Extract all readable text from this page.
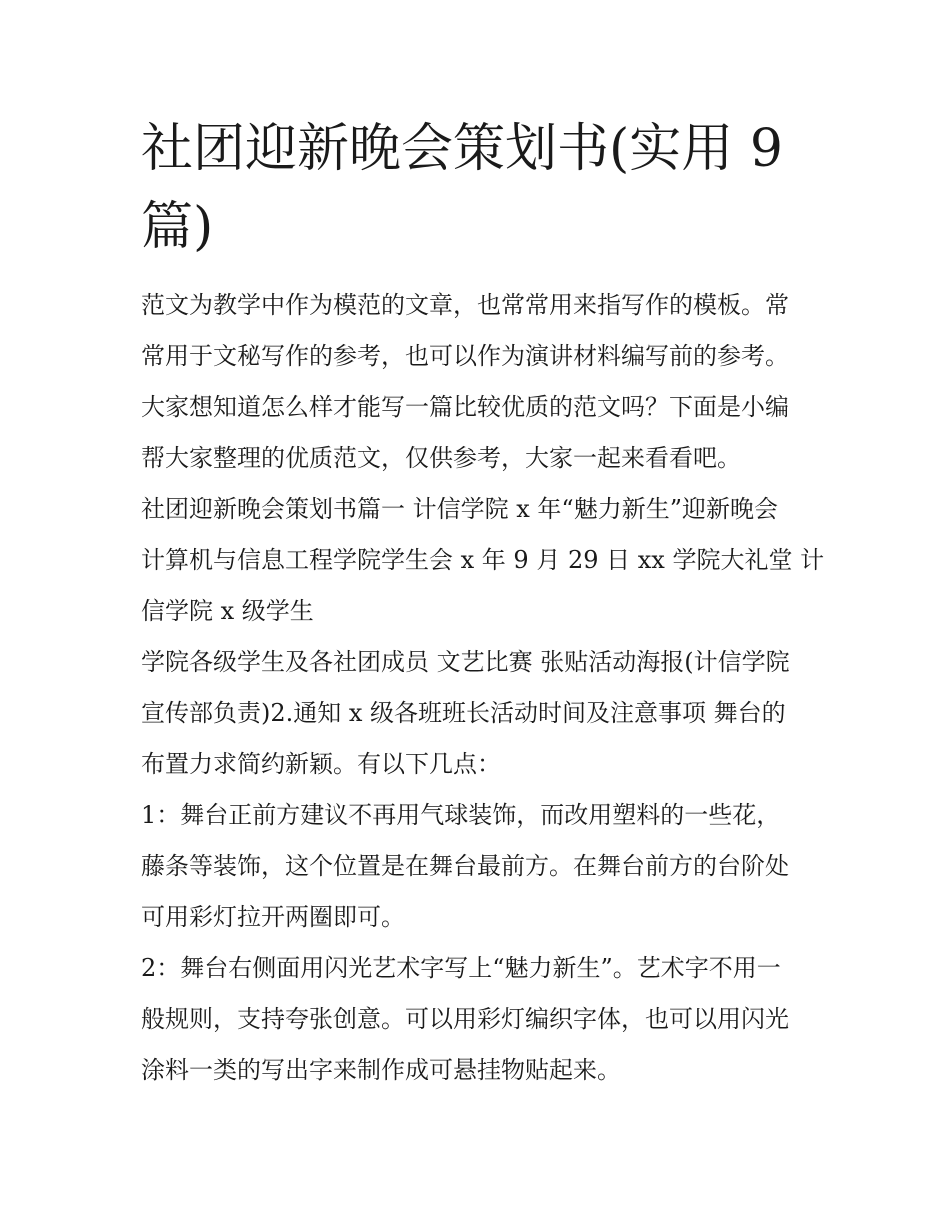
社团迎新晚会策划书(实用 9
篇)

范文为教学中作为模范的文章，也常常用来指写作的模板。常
常用于文秘写作的参考，也可以作为演讲材料编写前的参考。
大家想知道怎么样才能写一篇比较优质的范文吗？下面是小编
帮大家整理的优质范文，仅供参考，大家一起来看看吧。

社团迎新晚会策划书篇一 计信学院 x 年“魅力新生”迎新晚会
计算机与信息工程学院学生会 x 年 9 月 29 日 xx 学院大礼堂 计
信学院 x 级学生

学院各级学生及各社团成员 文艺比赛 张贴活动海报(计信学院
宣传部负责)2.通知 x 级各班班长活动时间及注意事项 舞台的
布置力求简约新颖。有以下几点：

1：舞台正前方建议不再用气球装饰，而改用塑料的一些花，
藤条等装饰，这个位置是在舞台最前方。在舞台前方的台阶处
可用彩灯拉开两圈即可。

2：舞台右侧面用闪光艺术字写上“魅力新生”。艺术字不用一
般规则，支持夸张创意。可以用彩灯编织字体，也可以用闪光
涂料一类的写出字来制作成可悬挂物贴起来。
